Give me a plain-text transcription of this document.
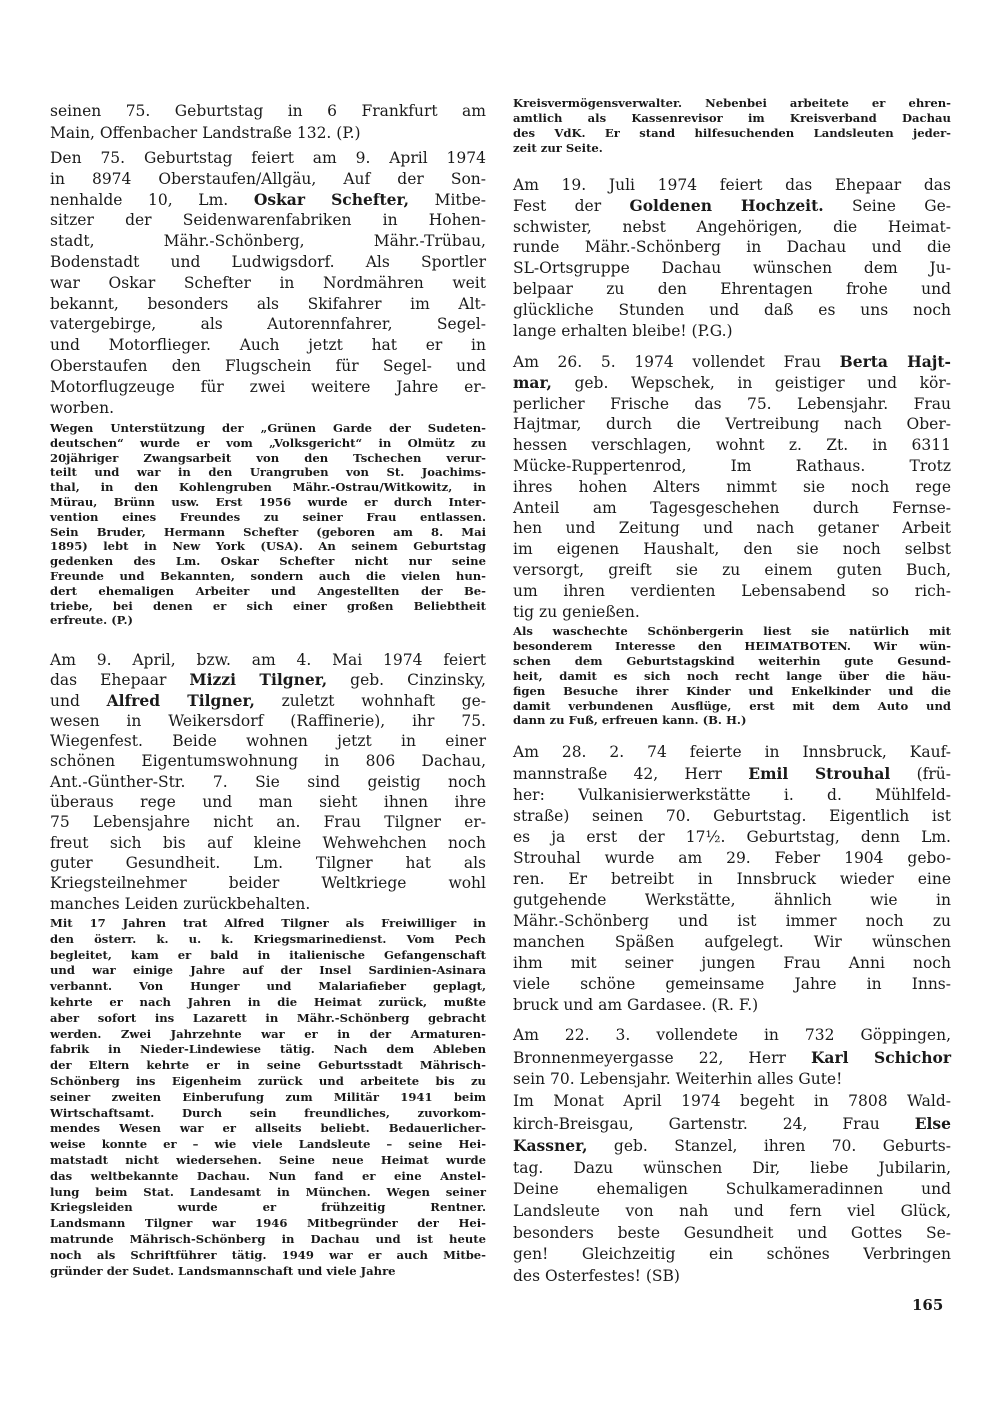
seinen 75. Geburtstag in 6 Frankfurt am
Main, Offenbacher Landstraße 132. (P.)
Den 75. Geburtstag feiert am 9. April 1974
in 8974 Oberstaufen/Allgäu, Auf der Son-
nenhalde 10, Lm. Oskar Schefter, Mitbe-
sitzer der Seidenwarenfabriken in Hohen-
stadt, Mähr.-Schönberg, Mähr.-Trübau,
Bodenstadt und Ludwigsdorf. Als Sportler
war Oskar Schefter in Nordmähren weit
bekannt, besonders als Skifahrer im Alt-
vatergebirge, als Autorennfahrer, Segel-
und Motorflieger. Auch jetzt hat er in
Oberstaufen den Flugschein für Segel- und
Motorflugzeuge für zwei weitere Jahre er-
worben.
Wegen Unterstützung der „Grünen Garde der Sudeten-
deutschen“ wurde er vom „Volksgericht“ in Olmütz zu
20jähriger Zwangsarbeit von den Tschechen verur-
teilt und war in den Urangruben von St. Joachims-
thal, in den Kohlengruben Mähr.-Ostrau/Witkowitz, in
Mürau, Brünn usw. Erst 1956 wurde er durch Inter-
vention eines Freundes zu seiner Frau entlassen.
Sein Bruder, Hermann Schefter (geboren am 8. Mai
1895) lebt in New York (USA). An seinem Geburtstag
gedenken des Lm. Oskar Schefter nicht nur seine
Freunde und Bekannten, sondern auch die vielen hun-
dert ehemaligen Arbeiter und Angestellten der Be-
triebe, bei denen er sich einer großen Beliebtheit
erfreute. (P.)
Am 9. April, bzw. am 4. Mai 1974 feiert
das Ehepaar Mizzi Tilgner, geb. Cinzinsky,
und Alfred Tilgner, zuletzt wohnhaft ge-
wesen in Weikersdorf (Raffinerie), ihr 75.
Wiegenfest. Beide wohnen jetzt in einer
schönen Eigentumswohnung in 806 Dachau,
Ant.-Günther-Str. 7. Sie sind geistig noch
überaus rege und man sieht ihnen ihre
75 Lebensjahre nicht an. Frau Tilgner er-
freut sich bis auf kleine Wehwehchen noch
guter Gesundheit. Lm. Tilgner hat als
Kriegsteilnehmer beider Weltkriege wohl
manches Leiden zurückbehalten.
Mit 17 Jahren trat Alfred Tilgner als Freiwilliger in
den österr. k. u. k. Kriegsmarinedienst. Vom Pech
begleitet, kam er bald in italienische Gefangenschaft
und war einige Jahre auf der Insel Sardinien-Asinara
verbannt. Von Hunger und Malariafieber geplagt,
kehrte er nach Jahren in die Heimat zurück, mußte
aber sofort ins Lazarett in Mähr.-Schönberg gebracht
werden. Zwei Jahrzehnte war er in der Armaturen-
fabrik in Nieder-Lindewiese tätig. Nach dem Ableben
der Eltern kehrte er in seine Geburtsstadt Mährisch-
Schönberg ins Eigenheim zurück und arbeitete bis zu
seiner zweiten Einberufung zum Militär 1941 beim
Wirtschaftsamt. Durch sein freundliches, zuvorkom-
mendes Wesen war er allseits beliebt. Bedauerlicher-
weise konnte er – wie viele Landsleute – seine Hei-
matstadt nicht wiedersehen. Seine neue Heimat wurde
das weltbekannte Dachau. Nun fand er eine Anstel-
lung beim Stat. Landesamt in München. Wegen seiner
Kriegsleiden wurde er frühzeitig Rentner.
Landsmann Tilgner war 1946 Mitbegründer der Hei-
matrunde Mährisch-Schönberg in Dachau und ist heute
noch als Schriftführer tätig. 1949 war er auch Mitbe-
gründer der Sudet. Landsmannschaft und viele Jahre
Kreisvermögensverwalter. Nebenbei arbeitete er ehren-
amtlich als Kassenrevisor im Kreisverband Dachau
des VdK. Er stand hilfesuchenden Landsleuten jeder-
zeit zur Seite.
Am 19. Juli 1974 feiert das Ehepaar das
Fest der Goldenen Hochzeit. Seine Ge-
schwister, nebst Angehörigen, die Heimat-
runde Mähr.-Schönberg in Dachau und die
SL-Ortsgruppe Dachau wünschen dem Ju-
belpaar zu den Ehrentagen frohe und
glückliche Stunden und daß es uns noch
lange erhalten bleibe! (P.G.)
Am 26. 5. 1974 vollendet Frau Berta Hajt-
mar, geb. Wepschek, in geistiger und kör-
perlicher Frische das 75. Lebensjahr. Frau
Hajtmar, durch die Vertreibung nach Ober-
hessen verschlagen, wohnt z. Zt. in 6311
Mücke-Ruppertenrod, Im Rathaus. Trotz
ihres hohen Alters nimmt sie noch rege
Anteil am Tagesgeschehen durch Fernse-
hen und Zeitung und nach getaner Arbeit
im eigenen Haushalt, den sie noch selbst
versorgt, greift sie zu einem guten Buch,
um ihren verdienten Lebensabend so rich-
tig zu genießen.
Als waschechte Schönbergerin liest sie natürlich mit
besonderem Interesse den HEIMATBOTEN. Wir wün-
schen dem Geburtstagskind weiterhin gute Gesund-
heit, damit es sich noch recht lange über die häu-
figen Besuche ihrer Kinder und Enkelkinder und die
damit verbundenen Ausflüge, erst mit dem Auto und
dann zu Fuß, erfreuen kann. (B. H.)
Am 28. 2. 74 feierte in Innsbruck, Kauf-
mannstraße 42, Herr Emil Strouhal (frü-
her: Vulkanisierwerkstätte i. d. Mühlfeld-
straße) seinen 70. Geburtstag. Eigentlich ist
es ja erst der 17½. Geburtstag, denn Lm.
Strouhal wurde am 29. Feber 1904 gebo-
ren. Er betreibt in Innsbruck wieder eine
gutgehende Werkstätte, ähnlich wie in
Mähr.-Schönberg und ist immer noch zu
manchen Späßen aufgelegt. Wir wünschen
ihm mit seiner jungen Frau Anni noch
viele schöne gemeinsame Jahre in Inns-
bruck und am Gardasee. (R. F.)
Am 22. 3. vollendete in 732 Göppingen,
Bronnenmeyergasse 22, Herr Karl Schichor
sein 70. Lebensjahr. Weiterhin alles Gute!
Im Monat April 1974 begeht in 7808 Wald-
kirch-Breisgau, Gartenstr. 24, Frau Else
Kassner, geb. Stanzel, ihren 70. Geburts-
tag. Dazu wünschen Dir, liebe Jubilarin,
Deine ehemaligen Schulkameradinnen und
Landsleute von nah und fern viel Glück,
besonders beste Gesundheit und Gottes Se-
gen! Gleichzeitig ein schönes Verbringen
des Osterfestes! (SB)
165
